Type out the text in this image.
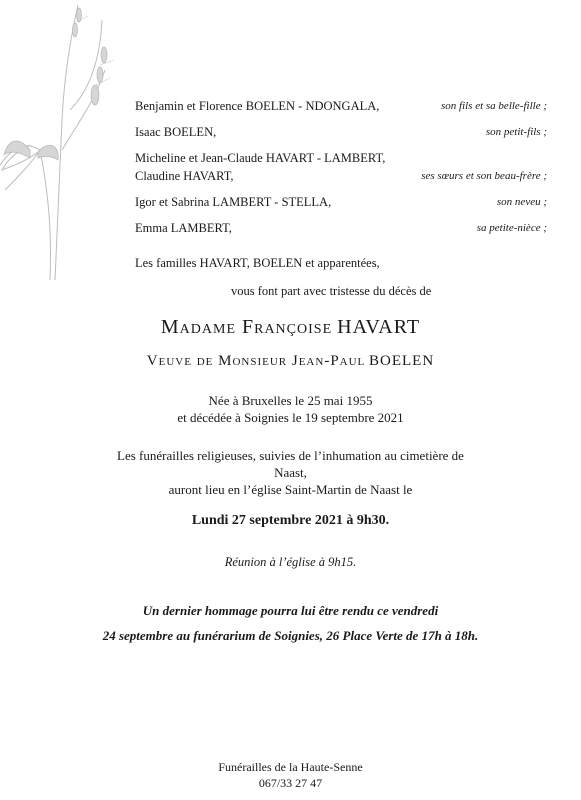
Benjamin et Florence BOELEN - NDONGALA,	son fils et sa belle-fille ;
Isaac BOELEN,	son petit-fils ;
Micheline et Jean-Claude HAVART - LAMBERT,
Claudine HAVART,	ses sœurs et son beau-frère ;
Igor et Sabrina LAMBERT - STELLA,	son neveu ;
Emma LAMBERT,	sa petite-nièce ;
Les familles HAVART, BOELEN et apparentées,
vous font part avec tristesse du décès de
Madame Françoise HAVART
Veuve de Monsieur Jean-Paul BOELEN
Née à Bruxelles le 25 mai 1955
et décédée à Soignies le 19 septembre 2021
Les funérailles religieuses, suivies de l’inhumation au cimetière de
Naast,
auront lieu en l’église Saint-Martin de Naast le
Lundi 27 septembre 2021 à 9h30.
Réunion à l’église à 9h15.
Un dernier hommage pourra lui être rendu ce vendredi
24 septembre au funérarium de Soignies, 26 Place Verte de 17h à 18h.
Funérailles de la Haute-Senne
067/33 27 47
